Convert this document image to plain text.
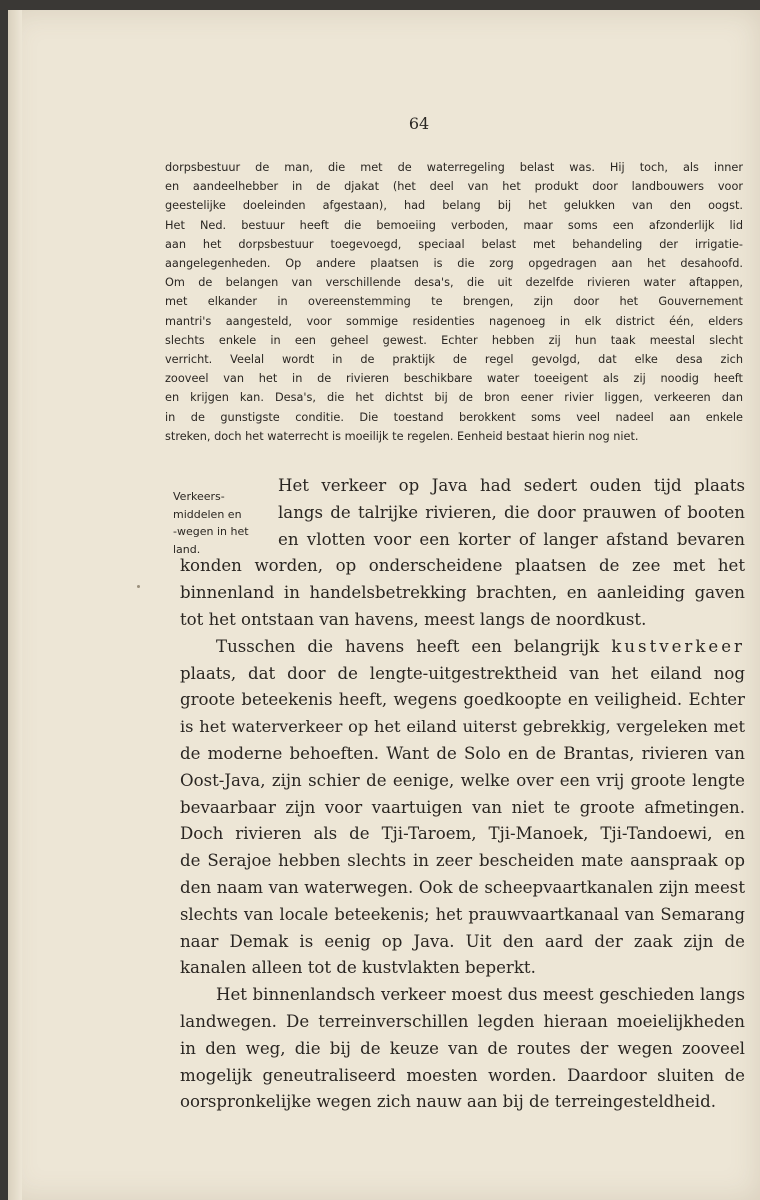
64
dorpsbestuur de man, die met de waterregeling belast was. Hij toch, als inner
en aandeelhebber in de djakat (het deel van het produkt door landbouwers voor
geestelijke doeleinden afgestaan), had belang bij het gelukken van den oogst.
Het Ned. bestuur heeft die bemoeiing verboden, maar soms een afzonderlijk lid
aan het dorpsbestuur toegevoegd, speciaal belast met behandeling der irrigatie-
aangelegenheden. Op andere plaatsen is die zorg opgedragen aan het desahoofd.
Om de belangen van verschillende desa's, die uit dezelfde rivieren water aftappen,
met elkander in overeenstemming te brengen, zijn door het Gouvernement
mantri's aangesteld, voor sommige residenties nagenoeg in elk district één, elders
slechts enkele in een geheel gewest. Echter hebben zij hun taak meestal slecht
verricht. Veelal wordt in de praktijk de regel gevolgd, dat elke desa zich
zooveel van het in de rivieren beschikbare water toeeigent als zij noodig heeft
en krijgen kan. Desa's, die het dichtst bij de bron eener rivier liggen, verkeeren dan
in de gunstigste conditie. Die toestand berokkent soms veel nadeel aan enkele
streken, doch het waterrecht is moeilijk te regelen. Eenheid bestaat hierin nog niet.
Verkeers-
middelen en
-wegen in het
land.
Het verkeer op Java had sedert ouden tijd plaats
langs de talrijke rivieren, die door prauwen of booten
en vlotten voor een korter of langer afstand bevaren
konden worden, op onderscheidene plaatsen de zee met het
binnenland in handelsbetrekking brachten, en aanleiding gaven
tot het ontstaan van havens, meest langs de noordkust.
Tusschen die havens heeft een belangrijk kustverkeer
plaats, dat door de lengte-uitgestrektheid van het eiland nog
groote beteekenis heeft, wegens goedkoopte en veiligheid. Echter
is het waterverkeer op het eiland uiterst gebrekkig, vergeleken met
de moderne behoeften. Want de Solo en de Brantas, rivieren van
Oost-Java, zijn schier de eenige, welke over een vrij groote lengte
bevaarbaar zijn voor vaartuigen van niet te groote afmetingen.
Doch rivieren als de Tji-Taroem, Tji-Manoek, Tji-Tandoewi, en
de Serajoe hebben slechts in zeer bescheiden mate aanspraak op
den naam van waterwegen. Ook de scheepvaartkanalen zijn meest
slechts van locale beteekenis; het prauwvaartkanaal van Semarang
naar Demak is eenig op Java. Uit den aard der zaak zijn de
kanalen alleen tot de kustvlakten beperkt.
Het binnenlandsch verkeer moest dus meest geschieden langs
landwegen. De terreinverschillen legden hieraan moeielijkheden
in den weg, die bij de keuze van de routes der wegen zooveel
mogelijk geneutraliseerd moesten worden. Daardoor sluiten de
oorspronkelijke wegen zich nauw aan bij de terreingesteldheid.
